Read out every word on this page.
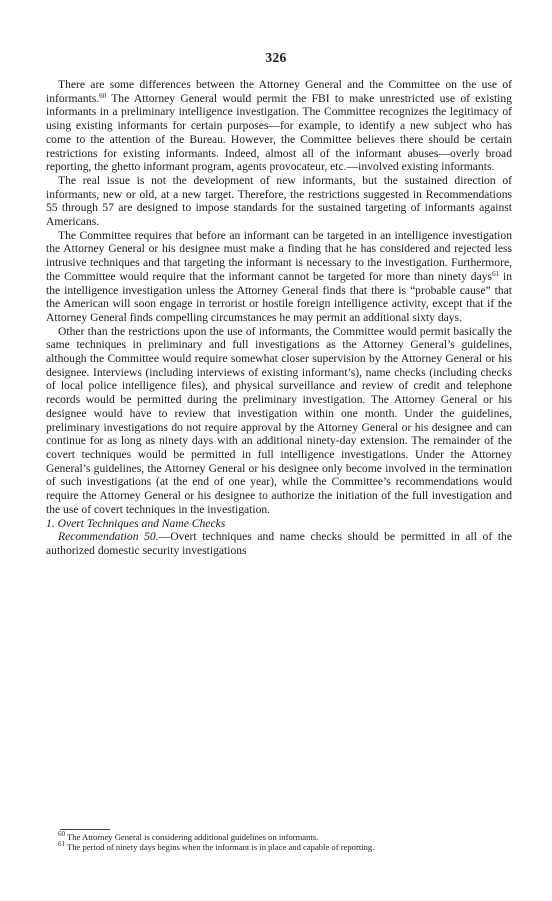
326

There are some differences between the Attorney General and the Committee on the use of informants.$^{60}$ The Attorney General would permit the FBI to make unrestricted use of existing informants in a preliminary intelligence investigation. The Committee recognizes the legitimacy of using existing informants for certain purposes—for example, to identify a new subject who has come to the attention of the Bureau. However, the Committee believes there should be certain restrictions for existing informants. Indeed, almost all of the informant abuses—overly broad reporting, the ghetto informant program, agents provocateur, etc.—involved existing informants.

The real issue is not the development of new informants, but the sustained direction of informants, new or old, at a new target. Therefore, the restrictions suggested in Recommendations 55 through 57 are designed to impose standards for the sustained targeting of informants against Americans.

The Committee requires that before an informant can be targeted in an intelligence investigation the Attorney General or his designee must make a finding that he has considered and rejected less intrusive techniques and that targeting the informant is necessary to the investigation. Furthermore, the Committee would require that the informant cannot be targeted for more than ninety days$^{61}$ in the intelligence investigation unless the Attorney General finds that there is “probable cause” that the American will soon engage in terrorist or hostile foreign intelligence activity, except that if the Attorney General finds compelling circumstances he may permit an additional sixty days.

Other than the restrictions upon the use of informants, the Committee would permit basically the same techniques in preliminary and full investigations as the Attorney General’s guidelines, although the Committee would require somewhat closer supervision by the Attorney General or his designee. Interviews (including interviews of existing informant’s), name checks (including checks of local police intelligence files), and physical surveillance and review of credit and telephone records would be permitted during the preliminary investigation. The Attorney General or his designee would have to review that investigation within one month. Under the guidelines, preliminary investigations do not require approval by the Attorney General or his designee and can continue for as long as ninety days with an additional ninety-day extension. The remainder of the covert techniques would be permitted in full intelligence investigations. Under the Attorney General’s guidelines, the Attorney General or his designee only become involved in the termination of such investigations (at the end of one year), while the Committee’s recommendations would require the Attorney General or his designee to authorize the initiation of the full investigation and the use of covert techniques in the investigation.

1. Overt Techniques and Name Checks

Recommendation 50.—Overt techniques and name checks should be permitted in all of the authorized domestic security investigations

$^{60}$ The Attorney General is considering additional guidelines on informants.

$^{61}$ The period of ninety days begins when the informant is in place and capable of reporting.
